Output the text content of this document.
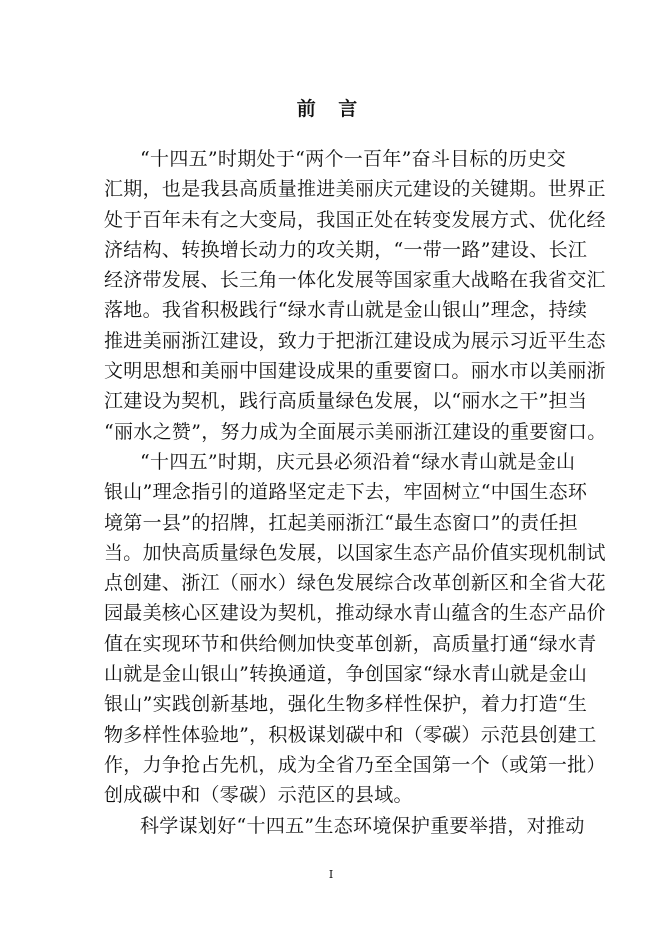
前 言

“十四五”时期处于“两个一百年”奋斗目标的历史交

汇期，也是我县高质量推进美丽庆元建设的关键期。世界正

处于百年未有之大变局，我国正处在转变发展方式、优化经

济结构、转换增长动力的攻关期，“一带一路”建设、长江

经济带发展、长三角一体化发展等国家重大战略在我省交汇

落地。我省积极践行“绿水青山就是金山银山”理念，持续

推进美丽浙江建设，致力于把浙江建设成为展示习近平生态

文明思想和美丽中国建设成果的重要窗口。丽水市以美丽浙

江建设为契机，践行高质量绿色发展，以“丽水之干”担当

“丽水之赞”，努力成为全面展示美丽浙江建设的重要窗口。

“十四五”时期，庆元县必须沿着“绿水青山就是金山

银山”理念指引的道路坚定走下去，牢固树立“中国生态环

境第一县”的招牌，扛起美丽浙江“最生态窗口”的责任担

当。加快高质量绿色发展，以国家生态产品价值实现机制试

点创建、浙江（丽水）绿色发展综合改革创新区和全省大花

园最美核心区建设为契机，推动绿水青山蕴含的生态产品价

值在实现环节和供给侧加快变革创新，高质量打通“绿水青

山就是金山银山”转换通道，争创国家“绿水青山就是金山

银山”实践创新基地，强化生物多样性保护，着力打造“生

物多样性体验地”，积极谋划碳中和（零碳）示范县创建工

作，力争抢占先机，成为全省乃至全国第一个（或第一批）

创成碳中和（零碳）示范区的县域。

科学谋划好“十四五”生态环境保护重要举措，对推动

I
